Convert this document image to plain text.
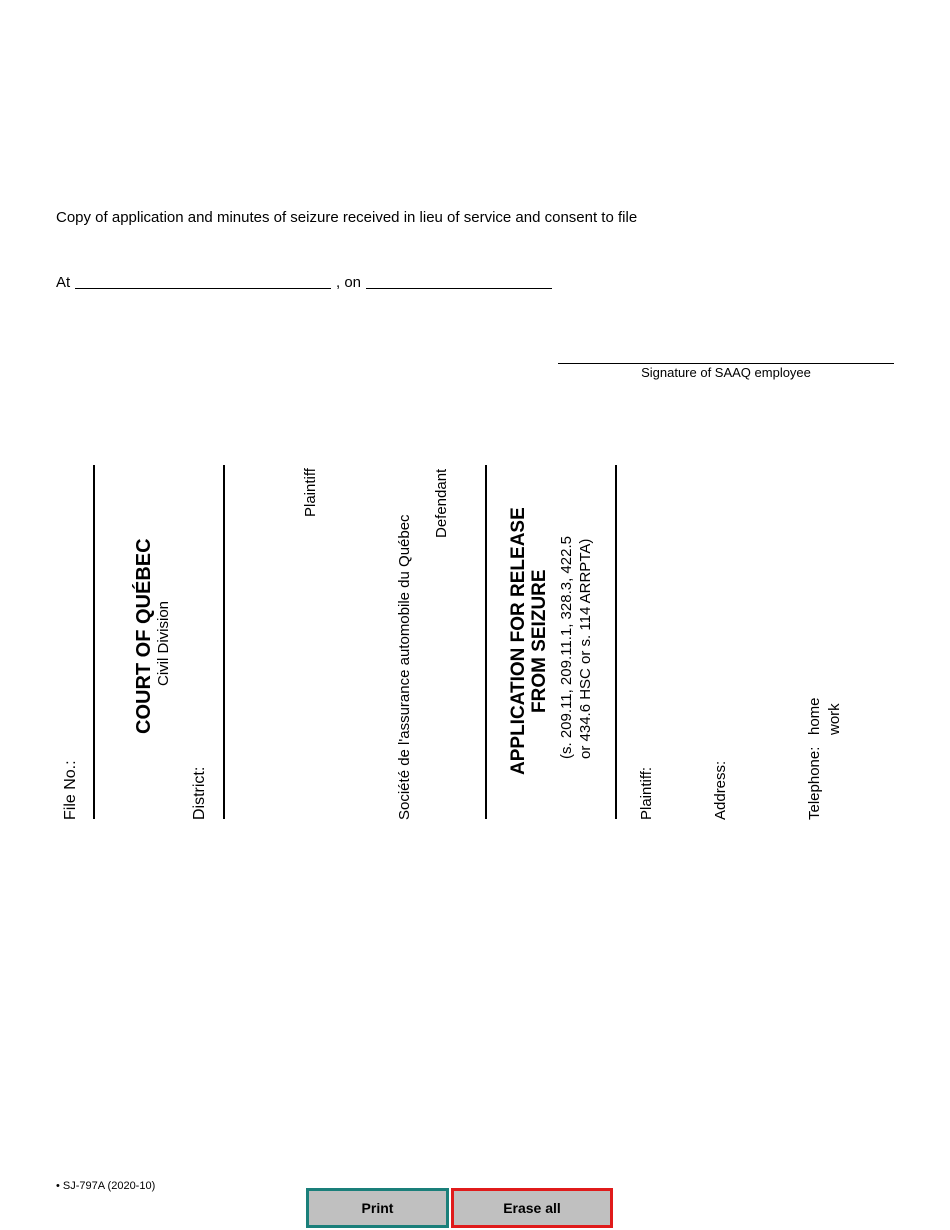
Copy of application and minutes of seizure received in lieu of service and consent to file
At	, on
Signature of SAAQ employee
File No.:
COURT OF QUÉBEC Civil Division
District:
Plaintiff
Société de l'assurance automobile du Québec
Defendant
APPLICATION FOR RELEASE FROM SEIZURE (s. 209.11, 209.11.1, 328.3, 422.5 or 434.6 HSC or s. 114 ARRPTA)
Plaintiff:	Address:	Telephone:
home work
• SJ-797A (2020-10)
Print	Erase all
